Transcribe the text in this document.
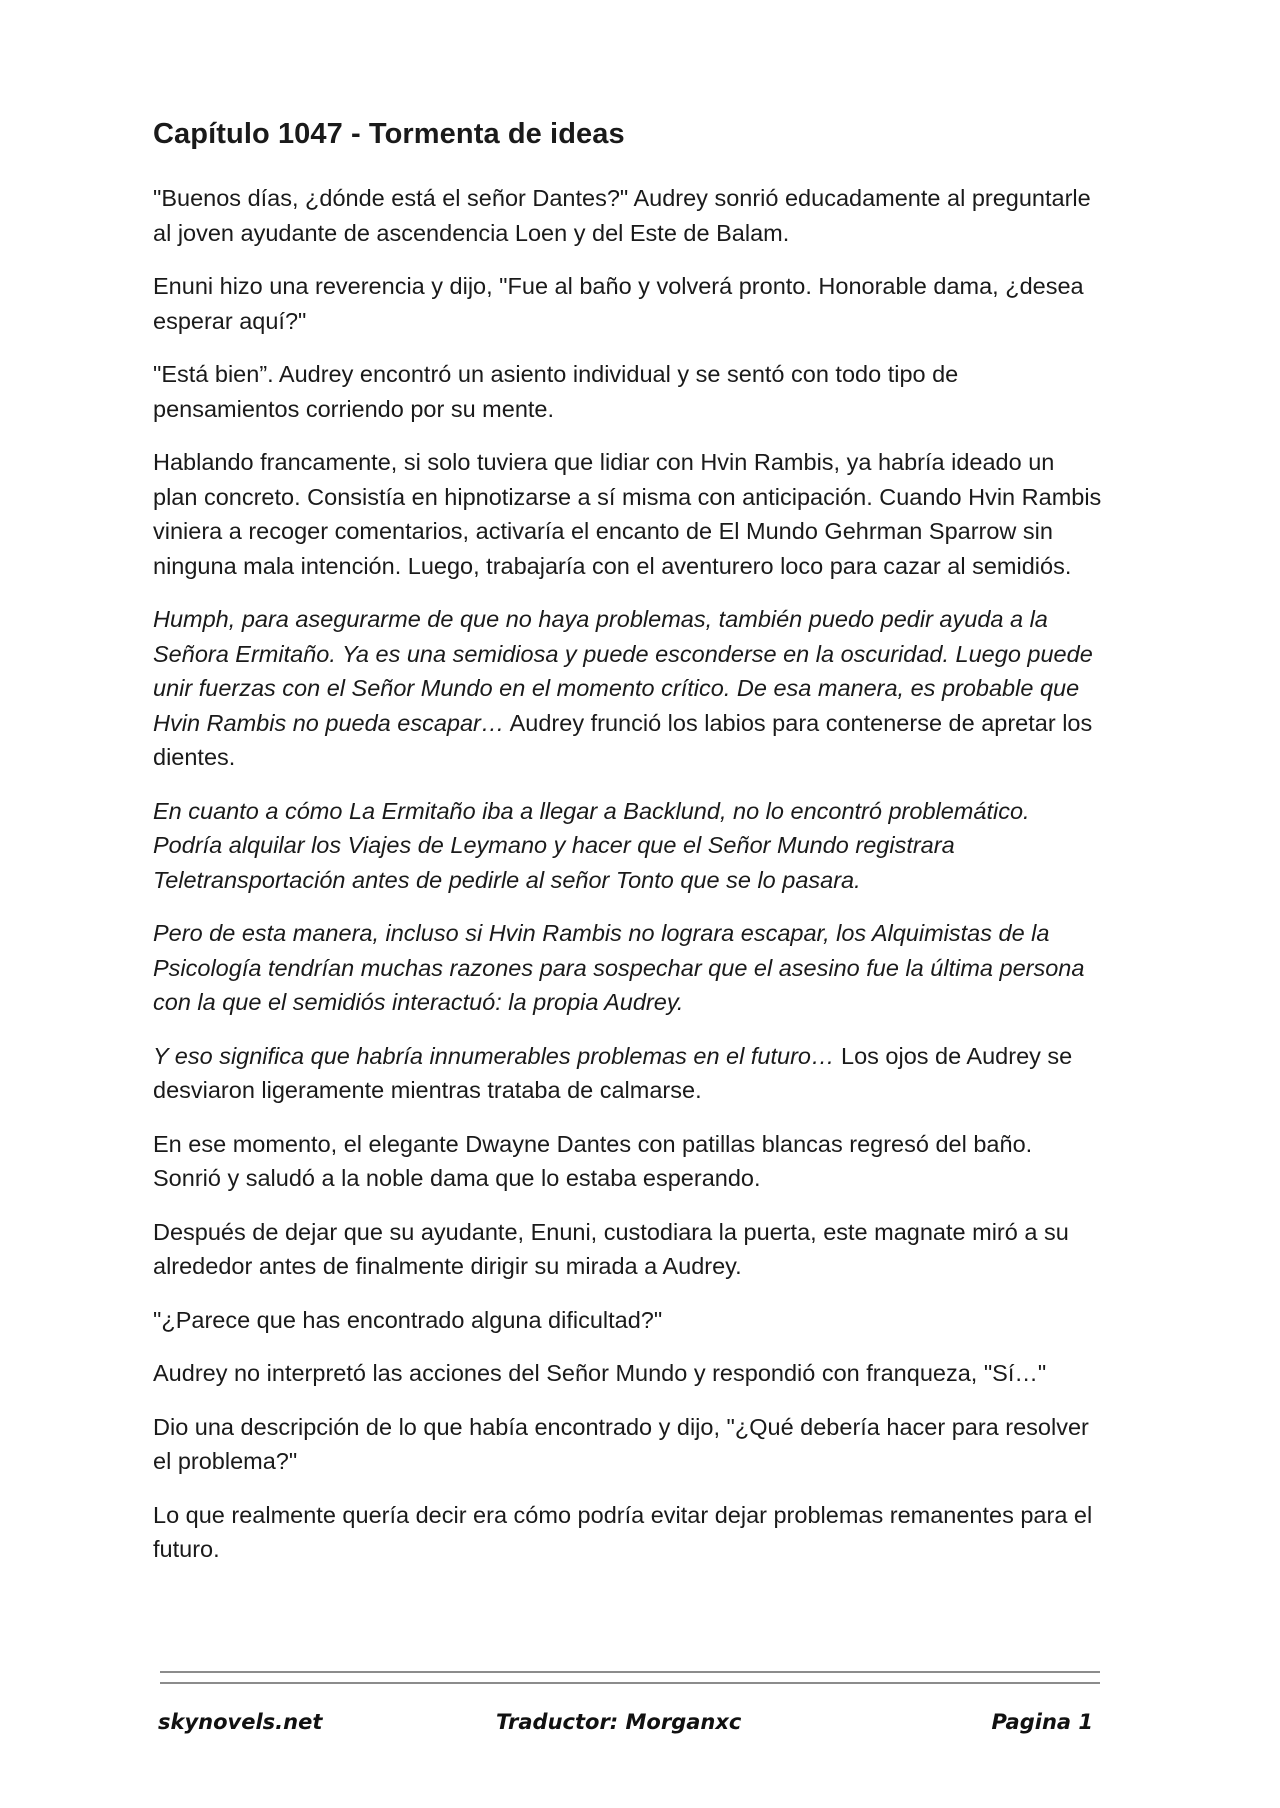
Capítulo 1047 - Tormenta de ideas

"Buenos días, ¿dónde está el señor Dantes?" Audrey sonrió educadamente al preguntarle al joven ayudante de ascendencia Loen y del Este de Balam.

Enuni hizo una reverencia y dijo, "Fue al baño y volverá pronto. Honorable dama, ¿desea esperar aquí?"

"Está bien”. Audrey encontró un asiento individual y se sentó con todo tipo de pensamientos corriendo por su mente.

Hablando francamente, si solo tuviera que lidiar con Hvin Rambis, ya habría ideado un plan concreto. Consistía en hipnotizarse a sí misma con anticipación. Cuando Hvin Rambis viniera a recoger comentarios, activaría el encanto de El Mundo Gehrman Sparrow sin ninguna mala intención. Luego, trabajaría con el aventurero loco para cazar al semidiós.

Humph, para asegurarme de que no haya problemas, también puedo pedir ayuda a la Señora Ermitaño. Ya es una semidiosa y puede esconderse en la oscuridad. Luego puede unir fuerzas con el Señor Mundo en el momento crítico. De esa manera, es probable que Hvin Rambis no pueda escapar… Audrey frunció los labios para contenerse de apretar los dientes.

En cuanto a cómo La Ermitaño iba a llegar a Backlund, no lo encontró problemático. Podría alquilar los Viajes de Leymano y hacer que el Señor Mundo registrara Teletransportación antes de pedirle al señor Tonto que se lo pasara.

Pero de esta manera, incluso si Hvin Rambis no lograra escapar, los Alquimistas de la Psicología tendrían muchas razones para sospechar que el asesino fue la última persona con la que el semidiós interactuó: la propia Audrey.

Y eso significa que habría innumerables problemas en el futuro… Los ojos de Audrey se desviaron ligeramente mientras trataba de calmarse.

En ese momento, el elegante Dwayne Dantes con patillas blancas regresó del baño. Sonrió y saludó a la noble dama que lo estaba esperando.

Después de dejar que su ayudante, Enuni, custodiara la puerta, este magnate miró a su alrededor antes de finalmente dirigir su mirada a Audrey.

"¿Parece que has encontrado alguna dificultad?"

Audrey no interpretó las acciones del Señor Mundo y respondió con franqueza, "Sí…"

Dio una descripción de lo que había encontrado y dijo, "¿Qué debería hacer para resolver el problema?"

Lo que realmente quería decir era cómo podría evitar dejar problemas remanentes para el futuro.

skynovels.net	Traductor: Morganxc	Pagina 1
